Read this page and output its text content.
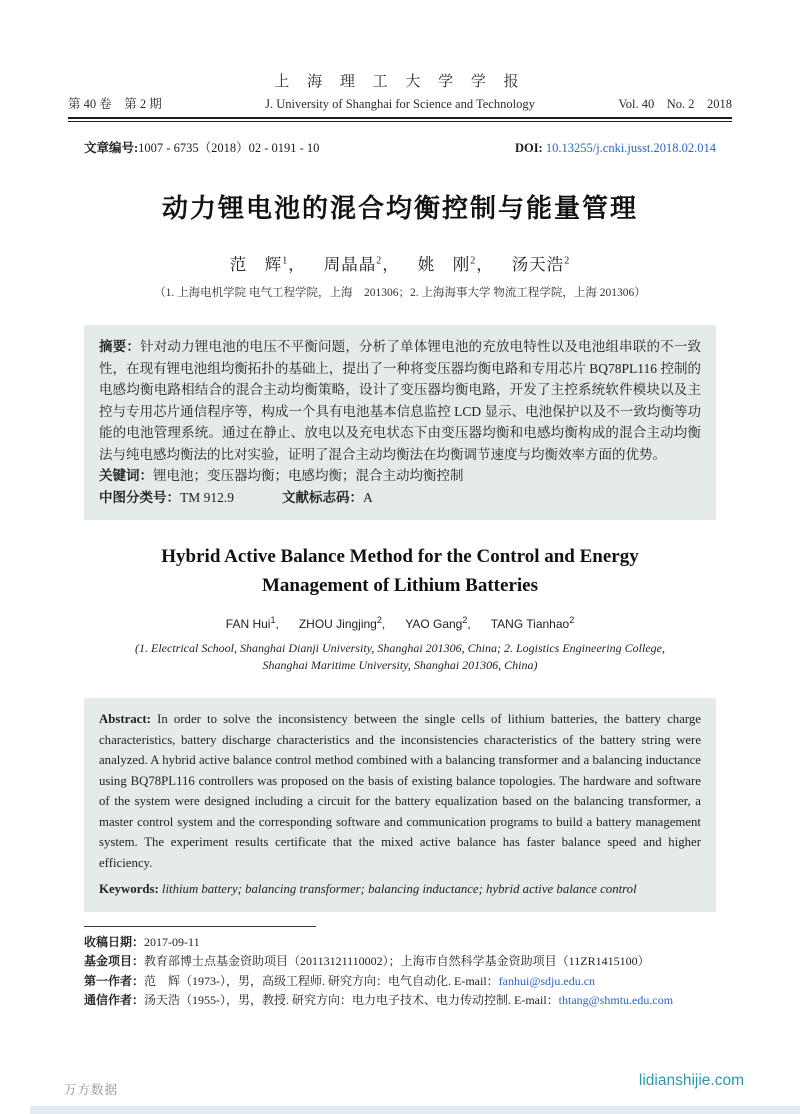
上 海 理 工 大 学 学 报
第 40 卷　第 2 期	J. University of Shanghai for Science and Technology	Vol. 40　No. 2　2018
文章编号:1007 - 6735（2018）02 - 0191 - 10	DOI: 10.13255/j.cnki.jusst.2018.02.014
动力锂电池的混合均衡控制与能量管理
范　辉$^1$， 周晶晶$^2$， 姚　刚$^2$， 汤天浩$^2$
（1. 上海电机学院 电气工程学院，上海　201306；2. 上海海事大学 物流工程学院，上海 201306）

摘要：针对动力锂电池的电压不平衡问题，分析了单体锂电池的充放电特性以及电池组串联的不一致性，在现有锂电池组均衡拓扑的基础上，提出了一种将变压器均衡电路和专用芯片 BQ78PL116 控制的电感均衡电路相结合的混合主动均衡策略，设计了变压器均衡电路，开发了主控系统软件模块以及主控与专用芯片通信程序等，构成一个具有电池基本信息监控 LCD 显示、电池保护以及不一致均衡等功能的电池管理系统。通过在静止、放电以及充电状态下由变压器均衡和电感均衡构成的混合主动均衡法与纯电感均衡法的比对实验，证明了混合主动均衡法在均衡调节速度与均衡效率方面的优势。

关键词：锂电池；变压器均衡；电感均衡；混合主动均衡控制

中图分类号：TM 912.9	文献标志码：A

Hybrid Active Balance Method for the Control and Energy
Management of Lithium Batteries
FAN Hui$^1$, ZHOU Jingjing$^2$, YAO Gang$^2$, TANG Tianhao$^2$
(1. Electrical School, Shanghai Dianji University, Shanghai 201306, China; 2. Logistics Engineering College,
Shanghai Maritime University, Shanghai 201306, China)

Abstract: In order to solve the inconsistency between the single cells of lithium batteries, the battery charge characteristics, battery discharge characteristics and the inconsistencies characteristics of the battery string were analyzed. A hybrid active balance control method combined with a balancing transformer and a balancing inductance using BQ78PL116 controllers was proposed on the basis of existing balance topologies. The hardware and software of the system were designed including a circuit for the battery equalization based on the balancing transformer, a master control system and the corresponding software and communication programs to build a battery management system. The experiment results certificate that the mixed active balance has faster balance speed and higher efficiency.

Keywords: lithium battery; balancing transformer; balancing inductance; hybrid active balance control

收稿日期：2017-09-11
基金项目：教育部博士点基金资助项目（20113121110002）；上海市自然科学基金资助项目（11ZR1415100）
第一作者：范　辉（1973-），男，高级工程师. 研究方向：电气自动化. E-mail：fanhui@sdju.edu.cn
通信作者：汤天浩（1955-），男，教授. 研究方向：电力电子技术、电力传动控制. E-mail：thtang@shmtu.edu.com
万方数据
lidianshijie.com
